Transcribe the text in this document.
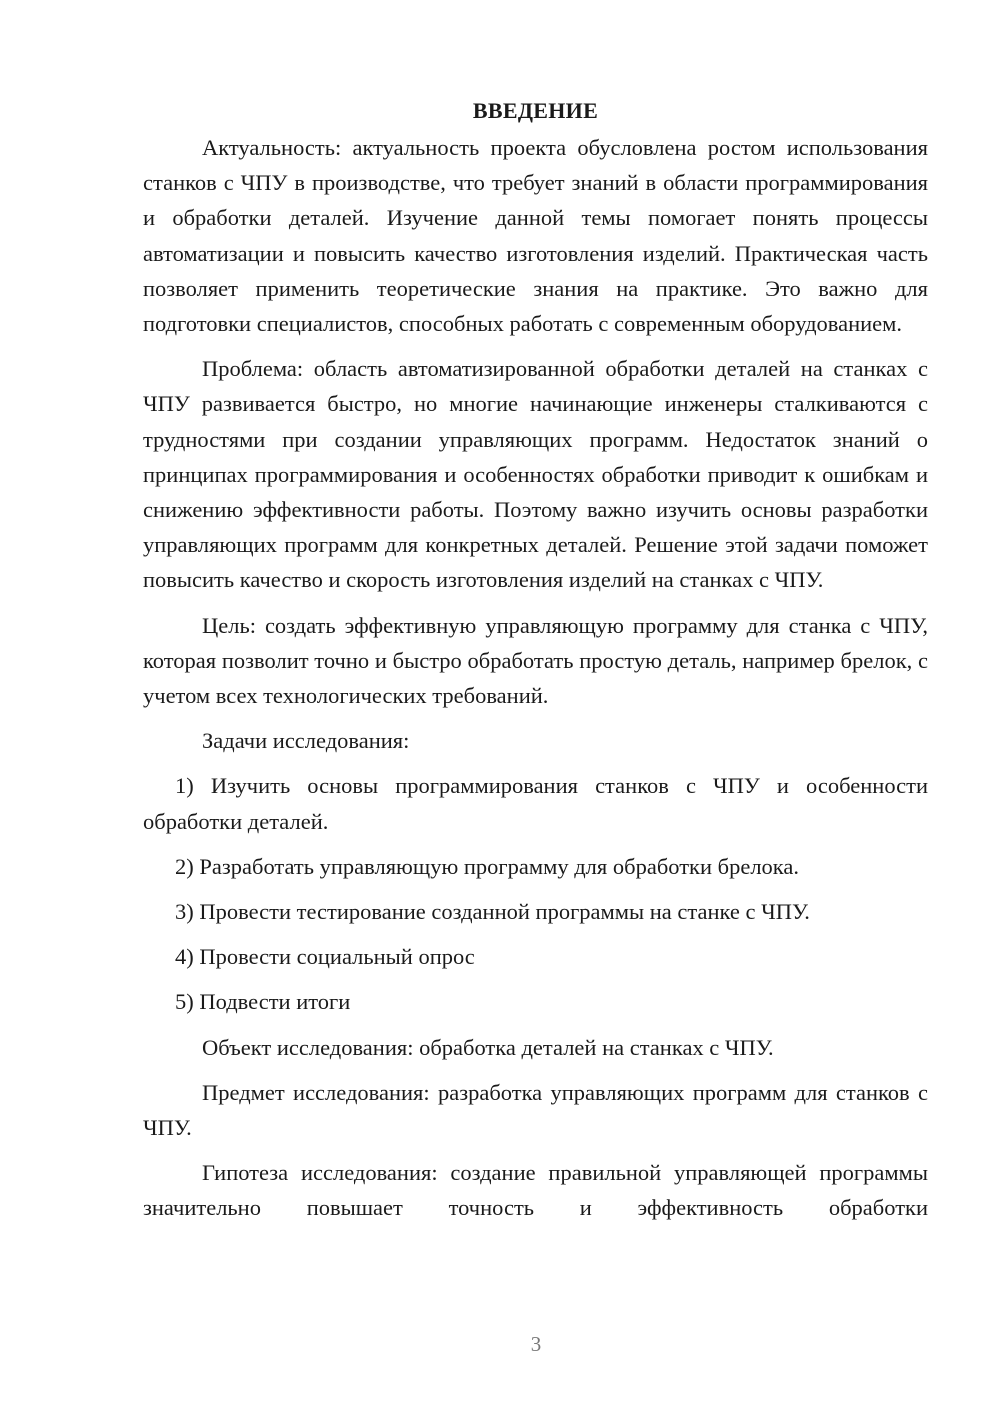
ВВЕДЕНИЕ

Актуальность: актуальность проекта обусловлена ростом использования станков с ЧПУ в производстве, что требует знаний в области программирования и обработки деталей. Изучение данной темы помогает понять процессы автоматизации и повысить качество изготовления изделий. Практическая часть позволяет применить теоретические знания на практике. Это важно для подготовки специалистов, способных работать с современным оборудованием.

Проблема: область автоматизированной обработки деталей на станках с ЧПУ развивается быстро, но многие начинающие инженеры сталкиваются с трудностями при создании управляющих программ. Недостаток знаний о принципах программирования и особенностях обработки приводит к ошибкам и снижению эффективности работы. Поэтому важно изучить основы разработки управляющих программ для конкретных деталей. Решение этой задачи поможет повысить качество и скорость изготовления изделий на станках с ЧПУ.

Цель: создать эффективную управляющую программу для станка с ЧПУ, которая позволит точно и быстро обработать простую деталь, например брелок, с учетом всех технологических требований.

Задачи исследования:

1) Изучить основы программирования станков с ЧПУ и особенности обработки деталей.

2) Разработать управляющую программу для обработки брелока.

3) Провести тестирование созданной программы на станке с ЧПУ.

4) Провести социальный опрос

5) Подвести итоги

Объект исследования: обработка деталей на станках с ЧПУ.

Предмет исследования: разработка управляющих программ для станков с ЧПУ.

Гипотеза исследования: создание правильной управляющей программы значительно повышает точность и эффективность обработки

3
